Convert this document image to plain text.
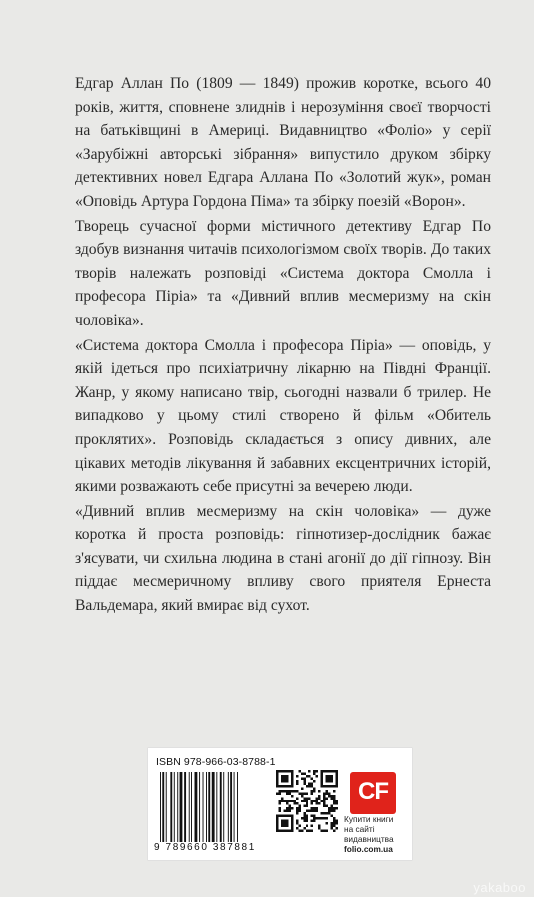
Едгар Аллан По (1809 — 1849) прожив коротке, всього 40 років, життя, сповнене злиднів і нерозуміння своєї творчості на батьківщині в Америці. Видавництво «Фоліо» у серії «Зарубіжні авторські зібрання» випустило друком збірку детективних новел Едгара Аллана По «Золотий жук», роман «Оповідь Артура Гордона Піма» та збірку поезій «Ворон».

Творець сучасної форми містичного детективу Едгар По здобув визнання читачів психологізмом своїх творів. До таких творів належать розповіді «Система доктора Смолла і професора Піріа» та «Дивний вплив месмеризму на скін чоловіка».

«Система доктора Смолла і професора Піріа» — оповідь, у якій ідеться про психіатричну лікарню на Півдні Франції. Жанр, у якому написано твір, сьогодні назвали б трилер. Не випадково у цьому стилі створено й фільм «Обитель проклятих». Розповідь складається з опису дивних, але цікавих методів лікування й забавних ексцентричних історій, якими розважають себе присутні за вечерею люди.

«Дивний вплив месмеризму на скін чоловіка» — дуже коротка й проста розповідь: гіпнотизер-дослідник бажає з'ясувати, чи схильна людина в стані агонії до дії гіпнозу. Він піддає месмеричному впливу свого приятеля Ернеста Вальдемара, який вмирає від сухот.

ISBN 978-966-03-8788-1
9 789660 387881
CF
Купити книги
на сайті
видавництва
folio.com.ua
yakaboo
